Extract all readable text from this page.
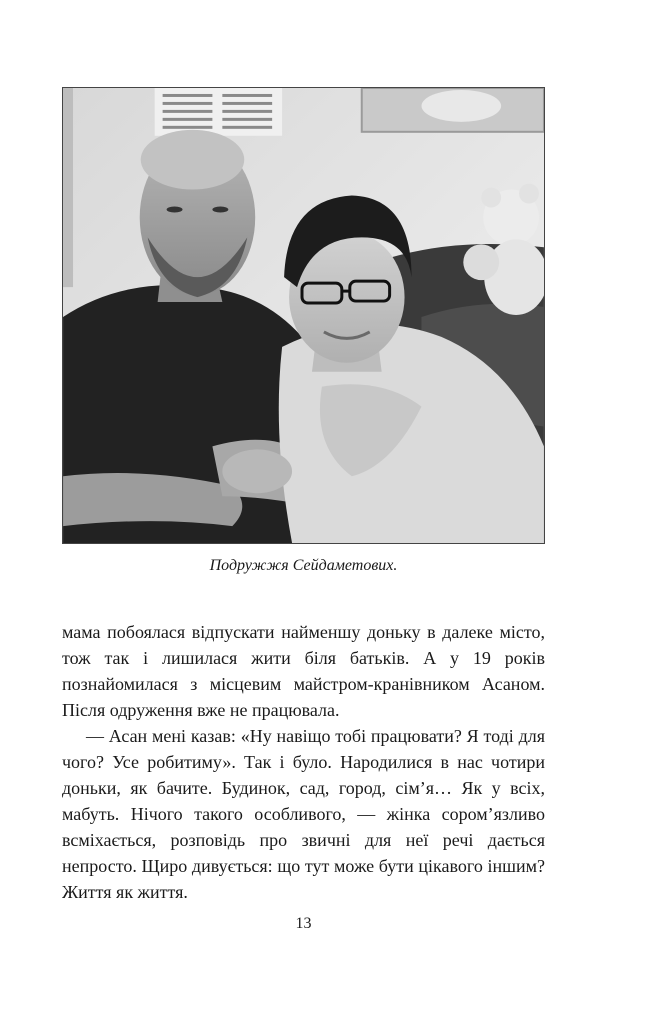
Подружжя Сейдаметових.

мама побоялася відпускати найменшу доньку в далеке місто, тож так і лишилася жити біля батьків. А у 19 років познайомилася з місцевим майстром-кранівником Асаном. Після одруження вже не працювала.

— Асан мені казав: «Ну навіщо тобі працювати? Я тоді для чого? Усе робитиму». Так і було. Народилися в нас чотири доньки, як бачите. Будинок, сад, город, сім’я… Як у всіх, мабуть. Нічого такого особливого, — жінка сором’язливо всміхається, розповідь про звичні для неї речі дається непросто. Щиро дивується: що тут може бути цікавого іншим? Життя як життя.

13
